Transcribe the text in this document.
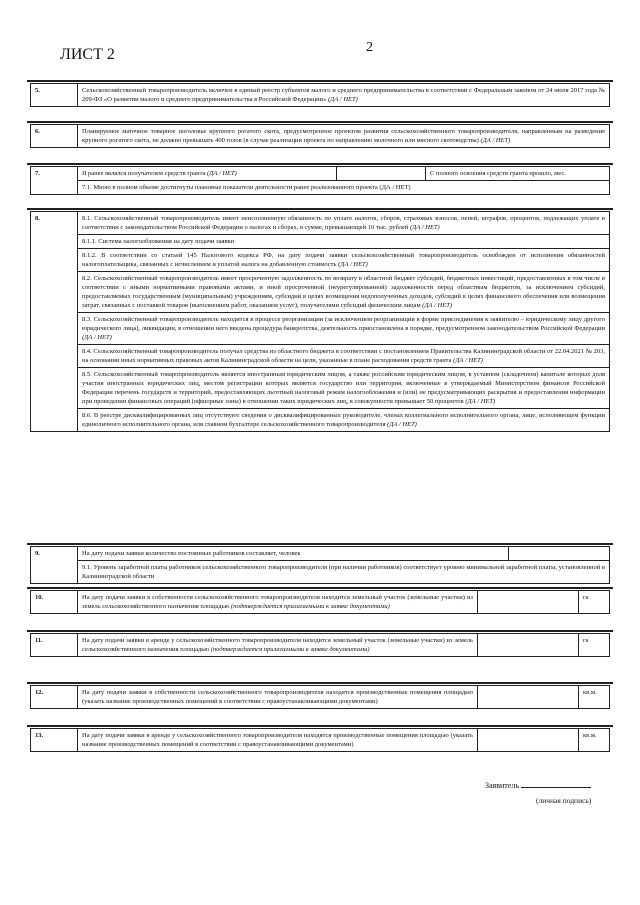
ЛИСТ 2	2
5.	Сельскохозяйственный товаропроизводитель включен в единый реестр субъектов малого и среднего предпринимательства в соответствии с Федеральным законом от 24 июля 2017 года № 209-ФЗ «О развитии малого и среднего предпринимательства в Российской Федерации» (ДА / НЕТ)
6.	Планируемое маточное товарное поголовье крупного рогатого скота, предусмотренное проектом развития сельскохозяйственного товаропроизводителя, направленным на разведение крупного рогатого скота, не должно превышать 400 голов (в случае реализации проекта по направлению молочного или мясного скотоводства) (ДА / НЕТ)
7.	Я ранее являлся получателем средств гранта (ДА / НЕТ)		С полного освоения средств гранта прошло, мес.
7.1. Мною в полном объеме достигнуты плановые показатели деятельности ранее реализованного проекта (ДА / НЕТ)
8.	8.1. Сельскохозяйственный товаропроизводитель имеет неисполненную обязанность по уплате налогов, сборов, страховых взносов, пеней, штрафов, процентов, подлежащих уплате в соответствии с законодательством Российской Федерации о налогах и сборах, в сумме, превышающей 10 тыс. рублей (ДА / НЕТ)
8.1.1. Система налогообложения на дату подачи заявки
8.1.2. В соответствии со статьей 145 Налогового кодекса РФ, на дату подачи заявки сельскохозяйственный товаропроизводитель освобожден от исполнения обязанностей налогоплательщика, связанных с исчислением и уплатой налога на добавленную стоимость (ДА / НЕТ)
8.2. Сельскохозяйственный товаропроизводитель имеет просроченную задолженность по возврату в областной бюджет субсидий, бюджетных инвестиций, предоставленных в том числе в соответствии с иными нормативными правовыми актами, и иной просроченной (неурегулированной) задолженности перед областным бюджетом, за исключением субсидий, предоставляемых государственным (муниципальным) учреждениям, субсидий в целях возмещения недополученных доходов, субсидий в целях финансового обеспечения или возмещения затрат, связанных с поставкой товаров (выполнением работ, оказанием услуг), получателями субсидий физическим лицам (ДА / НЕТ)
8.3. Сельскохозяйственный товаропроизводитель находится в процессе реорганизации (за исключением реорганизации в форме присоединения к заявителю – юридическому лицу другого юридического лица), ликвидации, в отношении него введена процедура банкротства, деятельность приостановлена в порядке, предусмотренном законодательством Российской Федерации (ДА / НЕТ)
8.4. Сельскохозяйственный товаропроизводитель получал средства из областного бюджета в соответствии с постановлением Правительства Калининградской области от 22.04.2021 № 203, на основании иных нормативных правовых актов Калининградской области на цели, указанные в плане расходования средств гранта (ДА / НЕТ)
8.5. Сельскохозяйственный товаропроизводитель является иностранным юридическим лицом, а также российским юридическим лицом, в уставном (складочном) капитале которых доля участия иностранных юридических лиц, местом регистрации которых является государство или территория, включенные в утверждаемый Министерством финансов Российской Федерации перечень государств и территорий, предоставляющих льготный налоговый режим налогообложения и (или) не предусматривающих раскрытия и предоставления информации при проведении финансовых операций (офшорные зоны) в отношении таких юридических лиц, в совокупности превышает 50 процентов (ДА / НЕТ)
8.6. В реестре дисквалифицированных лиц отсутствуют сведения о дисквалифицированных руководителе, членах коллегиального исполнительного органа, лице, исполняющем функции единоличного исполнительного органа, или главном бухгалтере сельскохозяйственного товаропроизводителя (ДА / НЕТ)
9.	На дату подачи заявки количество постоянных работников составляет, человек	
9.1. Уровень заработной платы работников сельскохозяйственного товаропроизводителя (при наличии работников) соответствует уровню минимальной заработной платы, установленной в Калининградской области
10.	На дату подачи заявки в собственности сельскохозяйственного товаропроизводителя находится земельный участок (земельные участки) из земель сельскохозяйственного назначения площадью (подтверждается прилагаемыми к заявке документами)		га
11.	На дату подачи заявки в аренде у сельскохозяйственного товаропроизводителя находится земельный участок (земельные участки) из земель сельскохозяйственного назначения площадью (подтверждается прилагаемыми к заявке документами)		га
12.	На дату подачи заявки в собственности сельскохозяйственного товаропроизводителя находятся производственные помещения площадью (указать название производственных помещений в соответствии с правоустанавливающими документами)		кв.м.
13.	На дату подачи заявки в аренде у сельскохозяйственного товаропроизводителя находятся производственные помещения площадью (указать название производственных помещений в соответствии с правоустанавливающими документами)		кв.м.
Заявитель
(личная подпись)
